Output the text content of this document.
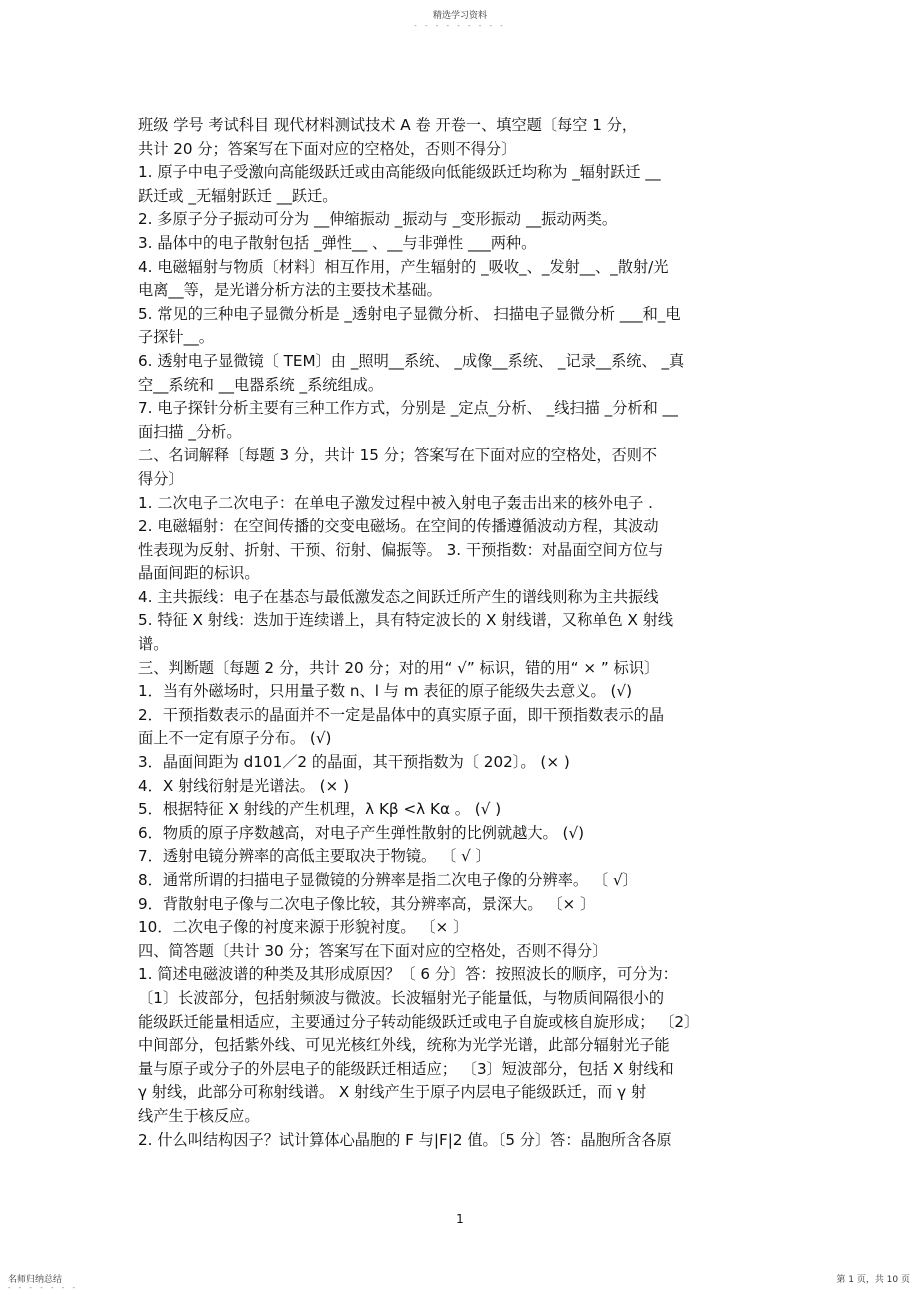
精选学习资料
- - - - - - - - -
班级 学号 考试科目 现代材料测试技术 A 卷 开卷一、填空题〔每空 1 分，
共计 20 分；答案写在下面对应的空格处，否则不得分〕
1. 原子中电子受激向高能级跃迁或由高能级向低能级跃迁均称为 _辐射跃迁 __
跃迁或 _无辐射跃迁 __跃迁。
2. 多原子分子振动可分为 __伸缩振动 _振动与 _变形振动 __振动两类。
3. 晶体中的电子散射包括 _弹性__ 、__与非弹性 ___两种。
4. 电磁辐射与物质〔材料〕相互作用，产生辐射的 _吸收_、_发射__、_散射/光
电离__等，是光谱分析方法的主要技术基础。
5. 常见的三种电子显微分析是 _透射电子显微分析、 扫描电子显微分析 ___和_电
子探针__。
6. 透射电子显微镜〔 TEM〕由 _照明__系统、 _成像__系统、 _记录__系统、 _真
空__系统和 __电器系统 _系统组成。
7. 电子探针分析主要有三种工作方式，分别是 _定点_分析、 _线扫描 _分析和 __
面扫描 _分析。
二、名词解释〔每题 3 分，共计 15 分；答案写在下面对应的空格处，否则不
得分〕
1. 二次电子二次电子：在单电子激发过程中被入射电子轰击出来的核外电子 .
2. 电磁辐射：在空间传播的交变电磁场。在空间的传播遵循波动方程，其波动
性表现为反射、折射、干预、衍射、偏振等。 3. 干预指数：对晶面空间方位与
晶面间距的标识。
4. 主共振线：电子在基态与最低激发态之间跃迁所产生的谱线则称为主共振线
5. 特征 X 射线：迭加于连续谱上，具有特定波长的 X 射线谱，又称单色 X 射线
谱。
三、判断题〔每题 2 分，共计 20 分；对的用“ √” 标识，错的用“ × ” 标识〕
1．当有外磁场时，只用量子数 n、l 与 m 表征的原子能级失去意义。 (√)
2．干预指数表示的晶面并不一定是晶体中的真实原子面，即干预指数表示的晶
面上不一定有原子分布。 (√)
3．晶面间距为 d101／2 的晶面，其干预指数为〔 202〕。 (× )
4．X 射线衍射是光谱法。 (× )
5．根据特征 X 射线的产生机理，λ Kβ <λ Kα 。 (√ )
6．物质的原子序数越高，对电子产生弹性散射的比例就越大。 (√)
7．透射电镜分辨率的高低主要取决于物镜。 〔 √ 〕
8．通常所谓的扫描电子显微镜的分辨率是指二次电子像的分辨率。 〔 √〕
9．背散射电子像与二次电子像比较，其分辨率高，景深大。 〔× 〕
10．二次电子像的衬度来源于形貌衬度。 〔× 〕
四、简答题〔共计 30 分；答案写在下面对应的空格处，否则不得分〕
1. 简述电磁波谱的种类及其形成原因？〔 6 分〕答：按照波长的顺序，可分为：
〔1〕长波部分，包括射频波与微波。长波辐射光子能量低，与物质间隔很小的
能级跃迁能量相适应，主要通过分子转动能级跃迁或电子自旋或核自旋形成； 〔2〕
中间部分，包括紫外线、可见光核红外线，统称为光学光谱，此部分辐射光子能
量与原子或分子的外层电子的能级跃迁相适应； 〔3〕短波部分，包括 X 射线和
γ 射线，此部分可称射线谱。 X 射线产生于原子内层电子能级跃迁，而 γ 射
线产生于核反应。
2. 什么叫结构因子？试计算体心晶胞的 F 与|F|2 值。〔5 分〕答：晶胞所含各原
1
名师归纳总结
- - - - - - -
第 1 页，共 10 页
